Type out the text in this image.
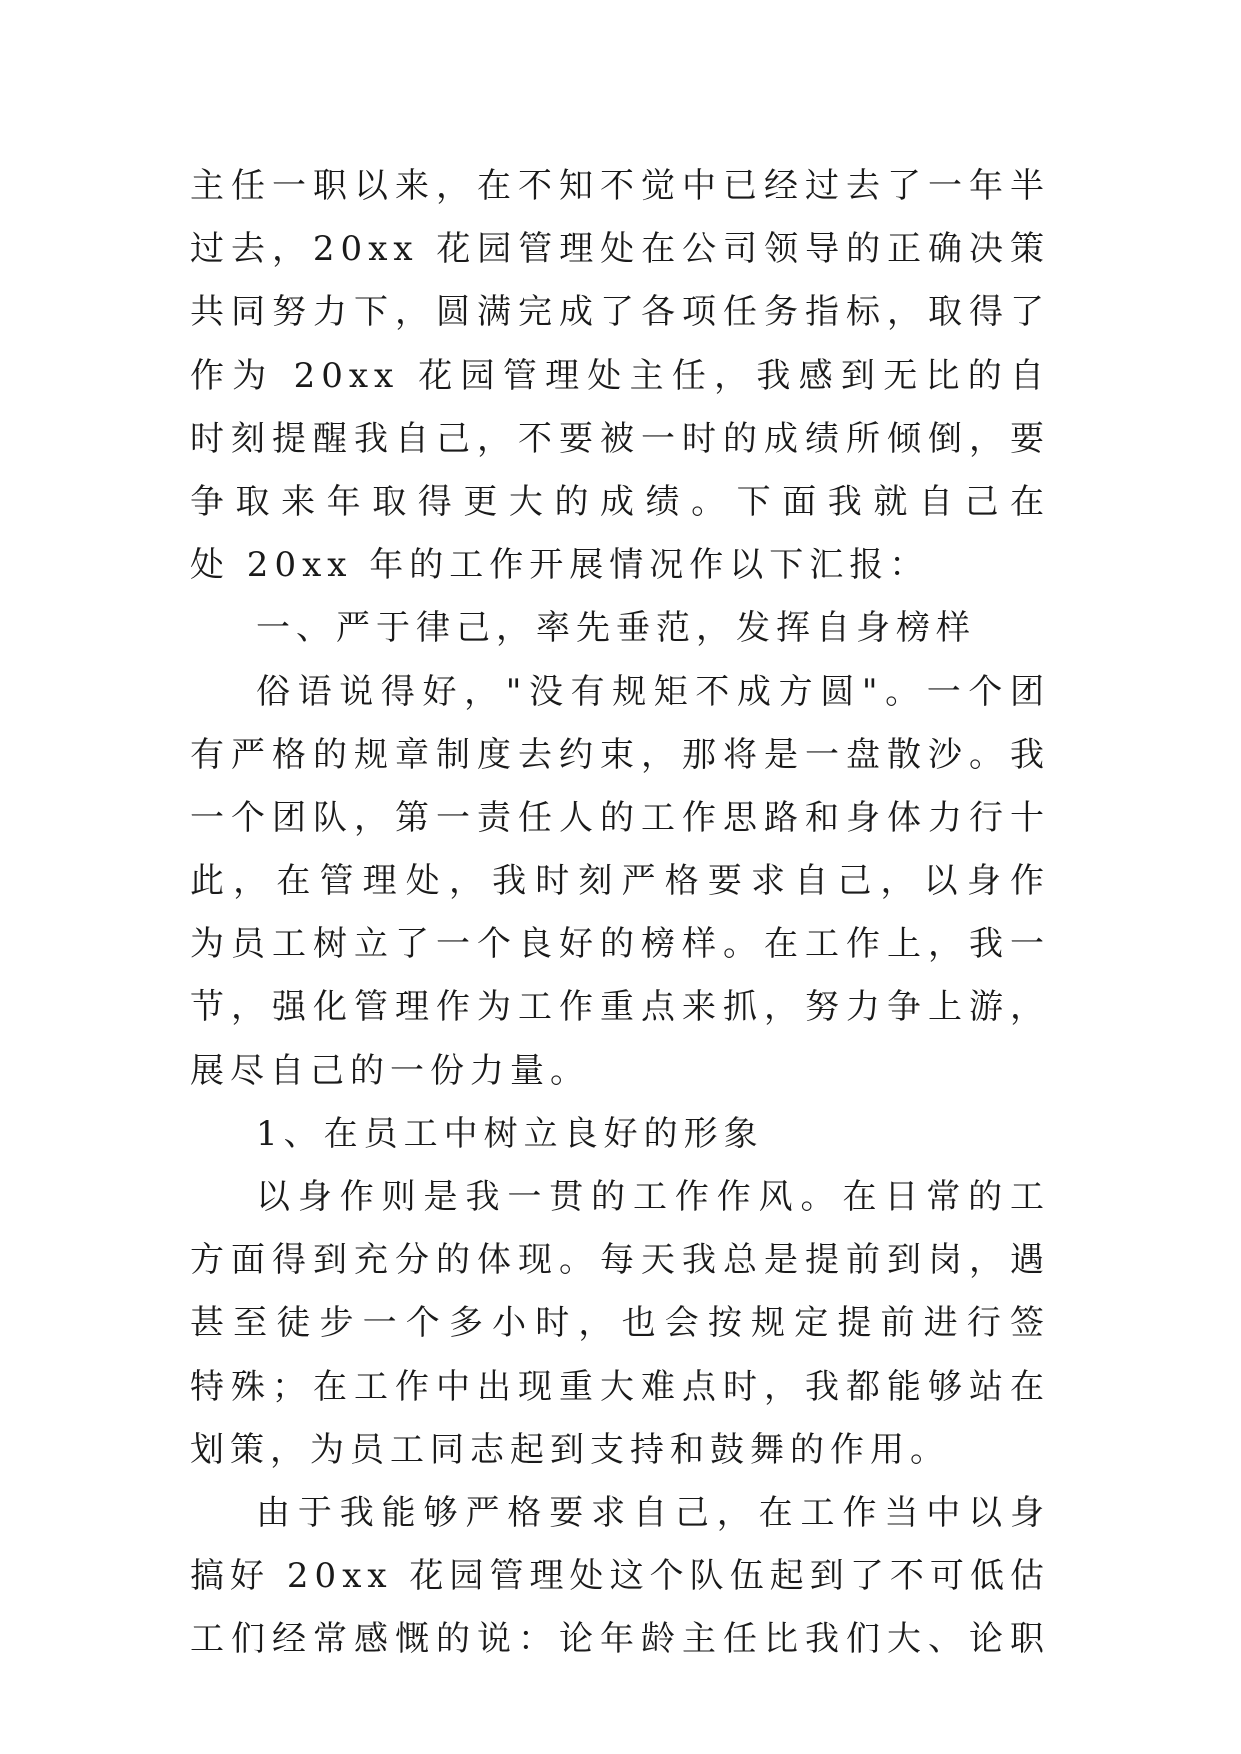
主任一职以来，在不知不觉中已经过去了一年半
过去，20xx 花园管理处在公司领导的正确决策
共同努力下，圆满完成了各项任务指标，取得了
作为 20xx 花园管理处主任，我感到无比的自
时刻提醒我自己，不要被一时的成绩所倾倒，要
争取来年取得更大的成绩。下面我就自己在
处 20xx 年的工作开展情况作以下汇报：
一、严于律己，率先垂范，发挥自身榜样
俗语说得好，"没有规矩不成方圆"。一个团
有严格的规章制度去约束，那将是一盘散沙。我
一个团队，第一责任人的工作思路和身体力行十
此，在管理处，我时刻严格要求自己，以身作
为员工树立了一个良好的榜样。在工作上，我一
节，强化管理作为工作重点来抓，努力争上游，
展尽自己的一份力量。
1、在员工中树立良好的形象
以身作则是我一贯的工作作风。在日常的工
方面得到充分的体现。每天我总是提前到岗，遇
甚至徒步一个多小时，也会按规定提前进行签
特殊；在工作中出现重大难点时，我都能够站在
划策，为员工同志起到支持和鼓舞的作用。
由于我能够严格要求自己，在工作当中以身
搞好 20xx 花园管理处这个队伍起到了不可低估
工们经常感慨的说：论年龄主任比我们大、论职
